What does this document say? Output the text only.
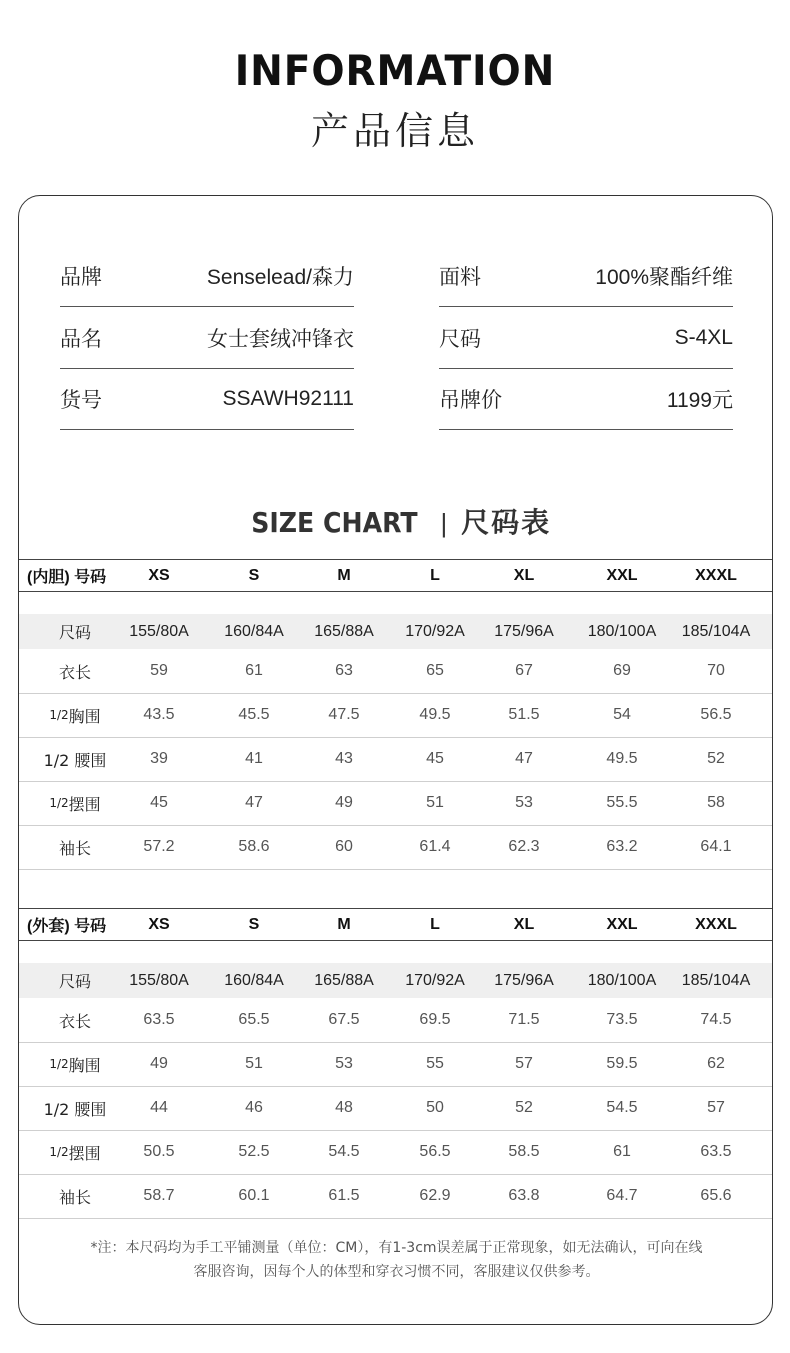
INFORMATION
产品信息
品牌	Senselead/森力	面料	100%聚酯纤维
品名	女士套绒冲锋衣	尺码	S-4XL
货号	SSAWH92111	吊牌价	1199元
SIZE CHART | 尺码表
(内胆) 号码	XS	S	M	L	XL	XXL	XXXL
尺码	155/80A	160/84A	165/88A	170/92A	175/96A	180/100A	185/104A
衣长	59	61	63	65	67	69	70
1/2 胸围	43.5	45.5	47.5	49.5	51.5	54	56.5
1/2 腰围	39	41	43	45	47	49.5	52
1/2 摆围	45	47	49	51	53	55.5	58
袖长	57.2	58.6	60	61.4	62.3	63.2	64.1
(外套) 号码	XS	S	M	L	XL	XXL	XXXL
尺码	155/80A	160/84A	165/88A	170/92A	175/96A	180/100A	185/104A
衣长	63.5	65.5	67.5	69.5	71.5	73.5	74.5
1/2 胸围	49	51	53	55	57	59.5	62
1/2 腰围	44	46	48	50	52	54.5	57
1/2 摆围	50.5	52.5	54.5	56.5	58.5	61	63.5
袖长	58.7	60.1	61.5	62.9	63.8	64.7	65.6
*注：本尺码均为手工平铺测量（单位：CM），有1-3cm误差属于正常现象，如无法确认，可向在线
客服咨询，因每个人的体型和穿衣习惯不同，客服建议仅供参考。
